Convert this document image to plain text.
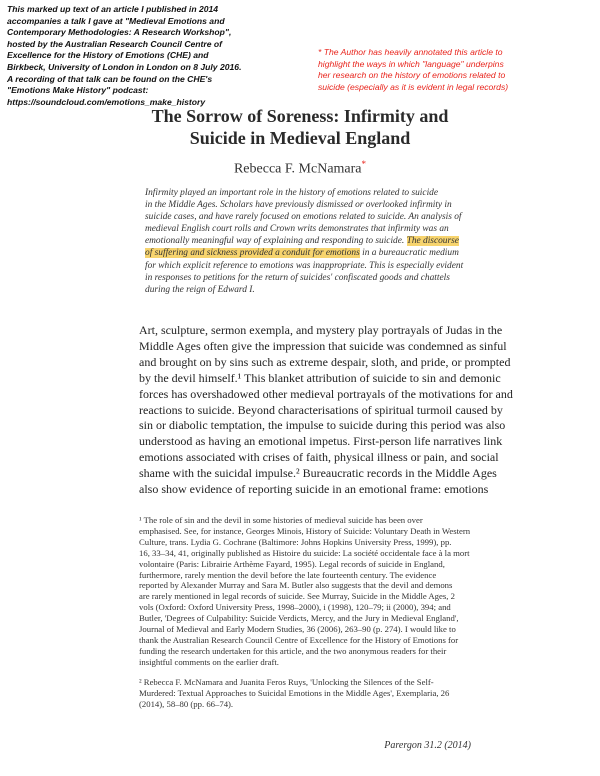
This marked up text of an article I published in 2014
accompanies a talk I gave at "Medieval Emotions and
Contemporary Methodologies: A Research Workshop",
hosted by the Australian Research Council Centre of
Excellence for the History of Emotions (CHE) and
Birkbeck, University of London in London on 8 July 2016.
A recording of that talk can be found on the CHE's
"Emotions Make History" podcast:
https://soundcloud.com/emotions_make_history
* The Author has heavily annotated this article to
highlight the ways in which "language" underpins
her research on the history of emotions related to
suicide (especially as it is evident in legal records)
The Sorrow of Soreness: Infirmity and
Suicide in Medieval England
Rebecca F. McNamara*
Infirmity played an important role in the history of emotions related to suicide
in the Middle Ages. Scholars have previously dismissed or overlooked infirmity in
suicide cases, and have rarely focused on emotions related to suicide. An analysis of
medieval English court rolls and Crown writs demonstrates that infirmity was an
emotionally meaningful way of explaining and responding to suicide. The discourse
of suffering and sickness provided a conduit for emotions in a bureaucratic medium
for which explicit reference to emotions was inappropriate. This is especially evident
in responses to petitions for the return of suicides' confiscated goods and chattels
during the reign of Edward I.
Art, sculpture, sermon exempla, and mystery play portrayals of Judas in the
Middle Ages often give the impression that suicide was condemned as sinful
and brought on by sins such as extreme despair, sloth, and pride, or prompted
by the devil himself.¹ This blanket attribution of suicide to sin and demonic
forces has overshadowed other medieval portrayals of the motivations for and
reactions to suicide. Beyond characterisations of spiritual turmoil caused by
sin or diabolic temptation, the impulse to suicide during this period was also
understood as having an emotional impetus. First-person life narratives link
emotions associated with crises of faith, physical illness or pain, and social
shame with the suicidal impulse.² Bureaucratic records in the Middle Ages
also show evidence of reporting suicide in an emotional frame: emotions
¹ The role of sin and the devil in some histories of medieval suicide has been over
emphasised. See, for instance, Georges Minois, History of Suicide: Voluntary Death in Western
Culture, trans. Lydia G. Cochrane (Baltimore: Johns Hopkins University Press, 1999), pp.
16, 33–34, 41, originally published as Histoire du suicide: La société occidentale face à la mort
volontaire (Paris: Librairie Arthème Fayard, 1995). Legal records of suicide in England,
furthermore, rarely mention the devil before the late fourteenth century. The evidence
reported by Alexander Murray and Sara M. Butler also suggests that the devil and demons
are rarely mentioned in legal records of suicide. See Murray, Suicide in the Middle Ages, 2
vols (Oxford: Oxford University Press, 1998–2000), i (1998), 120–79; ii (2000), 394; and
Butler, 'Degrees of Culpability: Suicide Verdicts, Mercy, and the Jury in Medieval England',
Journal of Medieval and Early Modern Studies, 36 (2006), 263–90 (p. 274). I would like to
thank the Australian Research Council Centre of Excellence for the History of Emotions for
funding the research undertaken for this article, and the two anonymous readers for their
insightful comments on the earlier draft.
² Rebecca F. McNamara and Juanita Feros Ruys, 'Unlocking the Silences of the Self-
Murdered: Textual Approaches to Suicidal Emotions in the Middle Ages', Exemplaria, 26
(2014), 58–80 (pp. 66–74).
Parergon 31.2 (2014)
